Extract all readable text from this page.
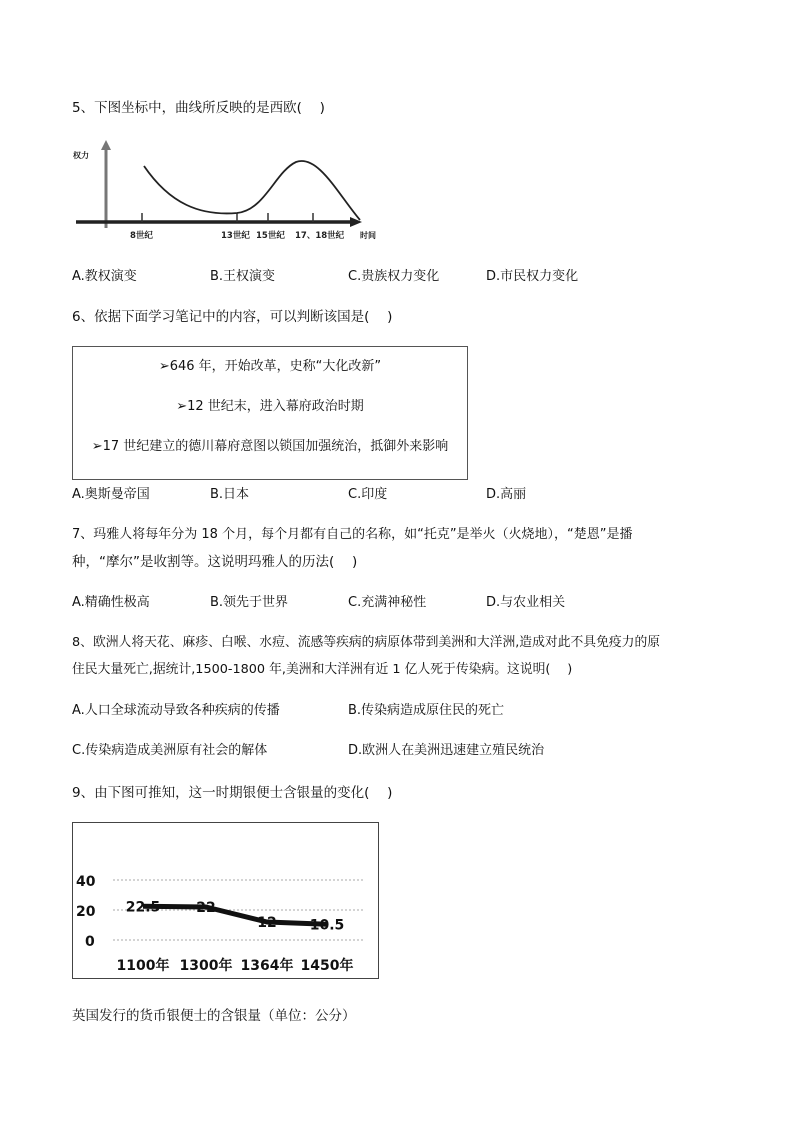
5、下图坐标中，曲线所反映的是西欧(　 )
权力
8世纪	13世纪 15世纪 17、18世纪 时间
A.教权演变	B.王权演变	C.贵族权力变化	D.市民权力变化
6、依据下面学习笔记中的内容，可以判断该国是(　 )
➢646 年，开始改革，史称“大化改新”
➢12 世纪末，进入幕府政治时期
➢17 世纪建立的德川幕府意图以锁国加强统治，抵御外来影响
A.奥斯曼帝国	B.日本	C.印度	D.高丽
7、玛雅人将每年分为 18 个月，每个月都有自己的名称，如“托克”是举火（火烧地），“楚恩”是播
种，“摩尔”是收割等。这说明玛雅人的历法(　 )
A.精确性极高	B.领先于世界	C.充满神秘性	D.与农业相关
8、欧洲人将天花、麻疹、白喉、水痘、流感等疾病的病原体带到美洲和大洋洲,造成对此不具免疫力的原
住民大量死亡,据统计,1500-1800 年,美洲和大洋洲有近 1 亿人死于传染病。这说明(　 )
A.人口全球流动导致各种疾病的传播	B.传染病造成原住民的死亡
C.传染病造成美洲原有社会的解体	D.欧洲人在美洲迅速建立殖民统治
9、由下图可推知，这一时期银便士含银量的变化(　 )
40
20
0
22.5	22
12 10.5
1100年 1300年 1364年 1450年
英国发行的货币银便士的含银量（单位：公分）
